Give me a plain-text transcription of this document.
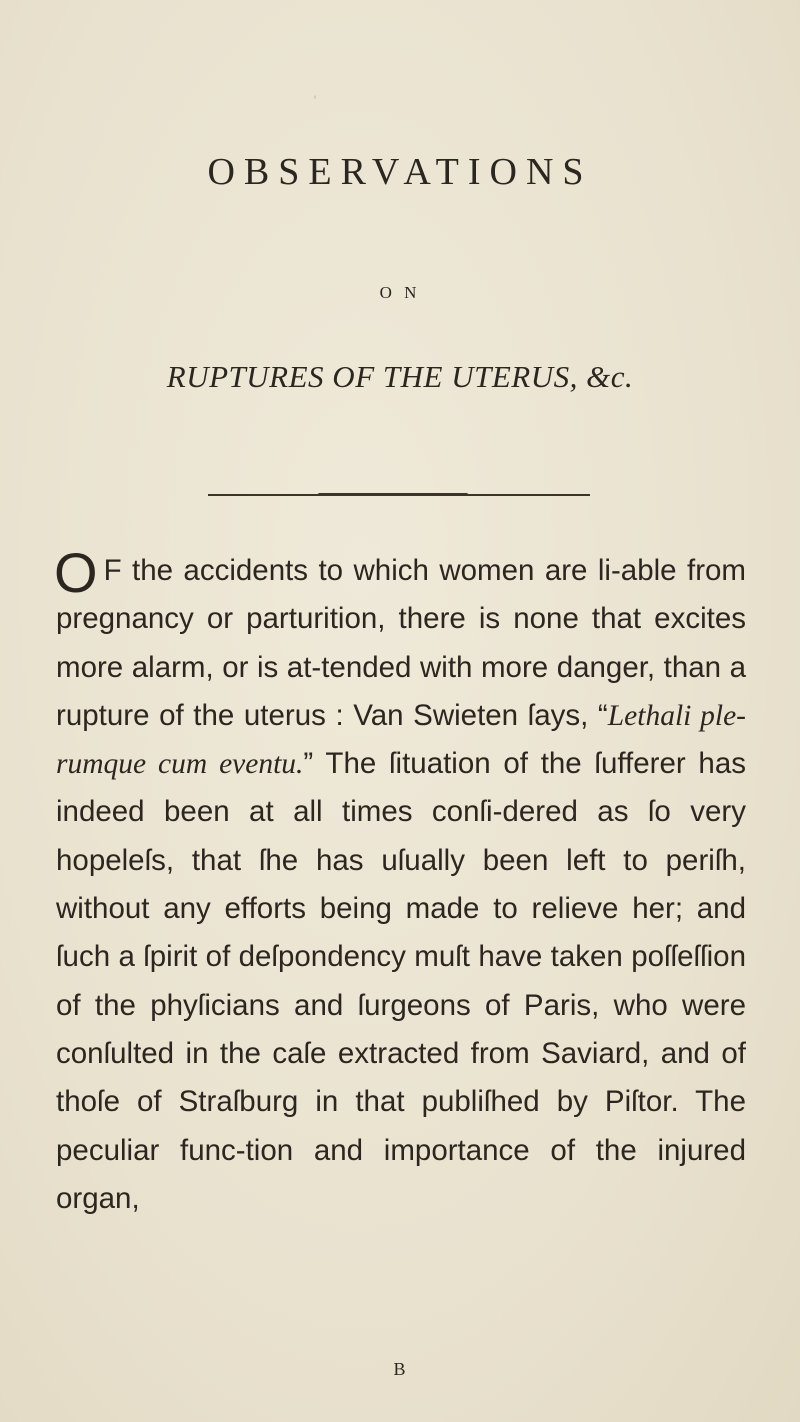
ˈ
OBSERVATIONS
O N
RUPTURES OF THE UTERUS, &c.

O F the accidents to which women are li-able from pregnancy or parturition, there is none that excites more alarm, or is at-tended with more danger, than a rupture of the uterus : Van Swieten ſays, “Lethali ple-rumque cum eventu.” The ſituation of the ſufferer has indeed been at all times conſi-dered as ſo very hopeleſs, that ſhe has uſually been left to periſh, without any efforts being made to relieve her; and ſuch a ſpirit of deſpondency muſt have taken poſſeſſion of the phyſicians and ſurgeons of Paris, who were conſulted in the caſe extracted from Saviard, and of thoſe of Straſburg in that publiſhed by Piſtor. The peculiar func-tion and importance of the injured organ,

B
